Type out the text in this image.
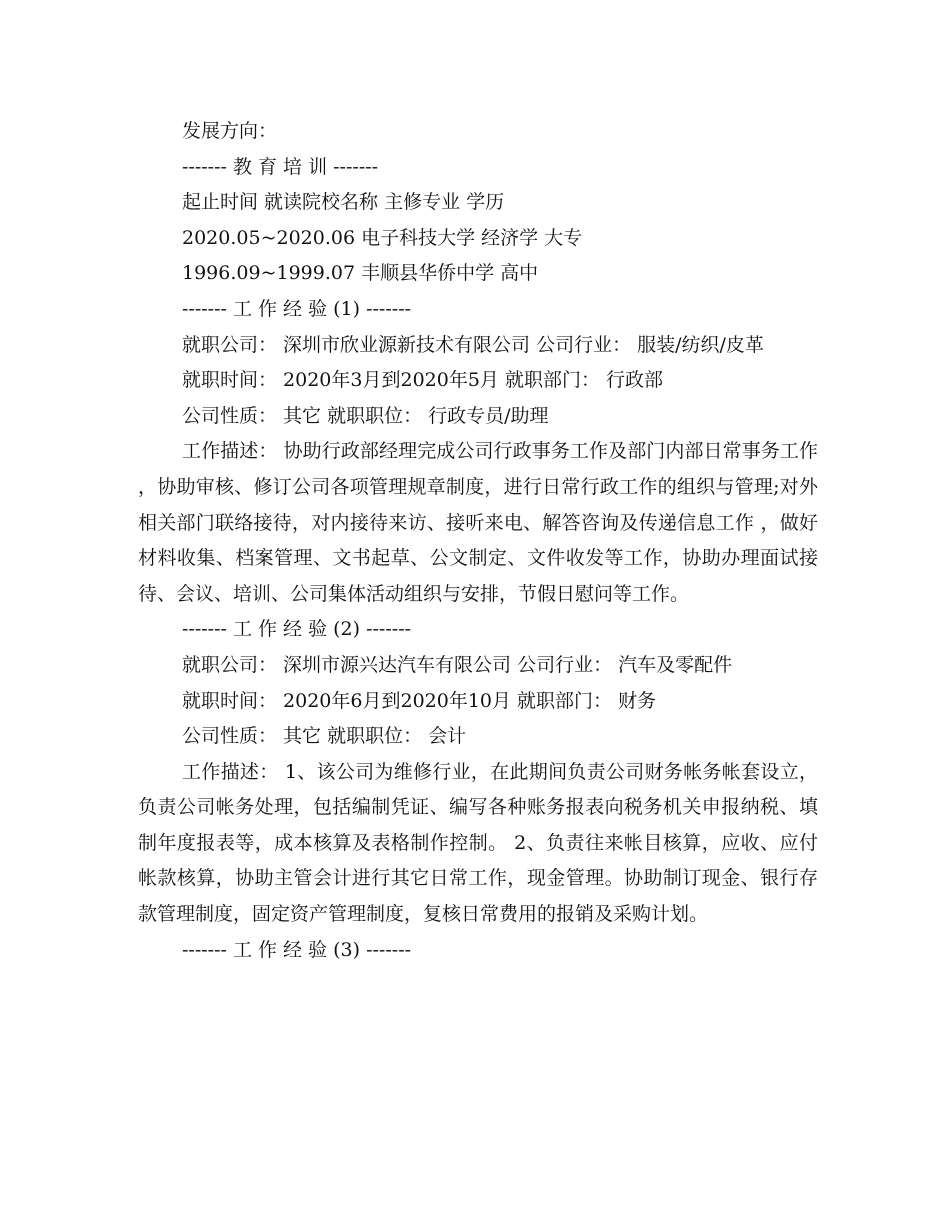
发展方向：
------- 教 育 培 训 -------
起止时间 就读院校名称 主修专业 学历
2020.05~2020.06 电子科技大学 经济学 大专
1996.09~1999.07 丰顺县华侨中学 高中
------- 工 作 经 验 (1) -------
就职公司： 深圳市欣业源新技术有限公司 公司行业： 服装/纺织/皮革
就职时间： 2020年3月到2020年5月 就职部门： 行政部
公司性质： 其它 就职职位： 行政专员/助理
工作描述： 协助行政部经理完成公司行政事务工作及部门内部日常事务工作，协助审核、修订公司各项管理规章制度，进行日常行政工作的组织与管理;对外相关部门联络接待，对内接待来访、接听来电、解答咨询及传递信息工作 ，做好材料收集、档案管理、文书起草、公文制定、文件收发等工作，协助办理面试接待、会议、培训、公司集体活动组织与安排，节假日慰问等工作。
------- 工 作 经 验 (2) -------
就职公司： 深圳市源兴达汽车有限公司 公司行业： 汽车及零配件
就职时间： 2020年6月到2020年10月 就职部门： 财务
公司性质： 其它 就职职位： 会计
工作描述： 1、该公司为维修行业，在此期间负责公司财务帐务帐套设立，负责公司帐务处理，包括编制凭证、编写各种账务报表向税务机关申报纳税、填制年度报表等，成本核算及表格制作控制。 2、负责往来帐目核算，应收、应付帐款核算，协助主管会计进行其它日常工作，现金管理。协助制订现金、银行存款管理制度，固定资产管理制度，复核日常费用的报销及采购计划。
------- 工 作 经 验 (3) -------
